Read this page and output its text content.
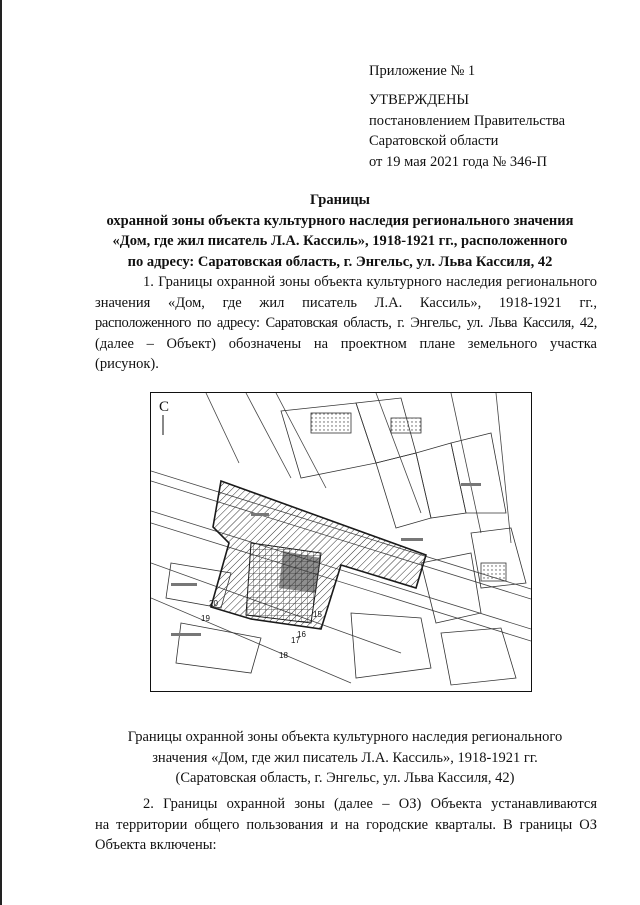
Приложение № 1
УТВЕРЖДЕНЫ
постановлением Правительства
Саратовской области
от 19 мая 2021 года № 346-П
Границы
охранной зоны объекта культурного наследия регионального значения
«Дом, где жил писатель Л.А. Кассиль», 1918-1921 гг., расположенного
по адресу: Саратовская область, г. Энгельс, ул. Льва Кассиля, 42
1. Границы охранной зоны объекта культурного наследия регионального
значения «Дом, где жил писатель Л.А. Кассиль», 1918-1921 гг.,
расположенного по адресу: Саратовская область, г. Энгельс, ул. Льва Кассиля, 42,
(далее – Объект) обозначены на проектном плане земельного участка
(рисунок).
С
20
19
18
17
16
15
Границы охранной зоны объекта культурного наследия регионального
значения «Дом, где жил писатель Л.А. Кассиль», 1918-1921 гг.
(Саратовская область, г. Энгельс, ул. Льва Кассиля, 42)
2. Границы охранной зоны (далее – ОЗ) Объекта устанавливаются
на территории общего пользования и на городские кварталы. В границы ОЗ
Объекта включены:
